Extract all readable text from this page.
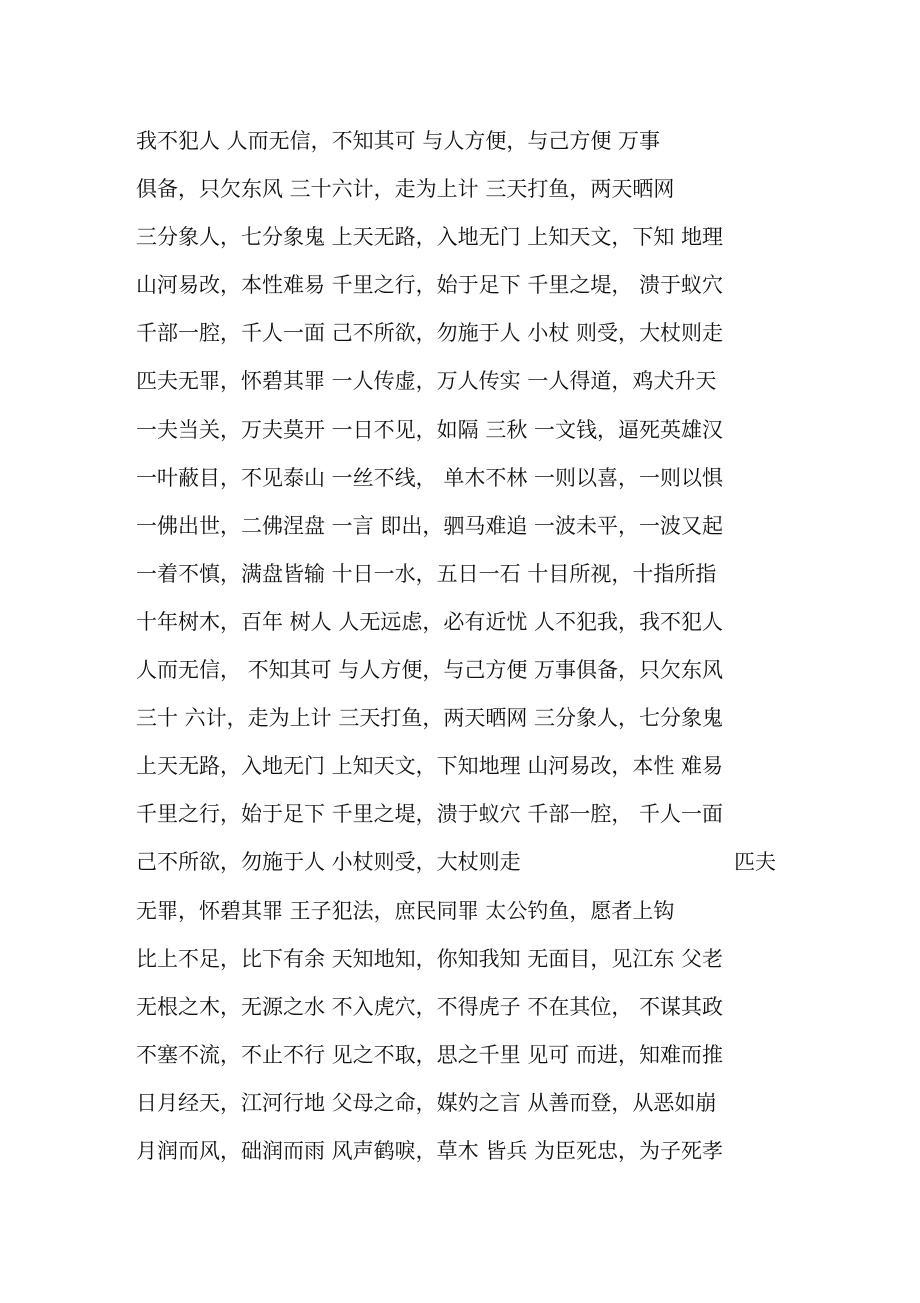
我不犯人 人而无信，不知其可 与人方便，与己方便 万事
俱备，只欠东风 三十六计，走为上计 三天打鱼，两天晒网
三分象人，七分象鬼 上天无路，入地无门 上知天文，下知 地理
山河易改，本性难易 千里之行，始于足下 千里之堤， 溃于蚁穴
千部一腔，千人一面 己不所欲，勿施于人 小杖 则受，大杖则走
匹夫无罪，怀碧其罪 一人传虚，万人传实 一人得道，鸡犬升天
一夫当关，万夫莫开 一日不见，如隔 三秋 一文钱，逼死英雄汉
一叶蔽目，不见泰山 一丝不线， 单木不林 一则以喜，一则以惧
一佛出世，二佛涅盘 一言 即出，驷马难追 一波未平，一波又起
一着不慎，满盘皆输 十日一水，五日一石 十目所视，十指所指
十年树木，百年 树人 人无远虑，必有近忧 人不犯我，我不犯人
人而无信， 不知其可 与人方便，与己方便 万事俱备，只欠东风
三十 六计，走为上计 三天打鱼，两天晒网 三分象人，七分象鬼
上天无路，入地无门 上知天文，下知地理 山河易改，本性 难易
千里之行，始于足下 千里之堤，溃于蚁穴 千部一腔， 千人一面
己不所欲，勿施于人 小杖则受，大杖则走	匹夫
无罪，怀碧其罪 王子犯法，庶民同罪 太公钓鱼，愿者上钩
比上不足，比下有余 天知地知，你知我知 无面目，见江东 父老
无根之木，无源之水 不入虎穴，不得虎子 不在其位， 不谋其政
不塞不流，不止不行 见之不取，思之千里 见可 而进，知难而推
日月经天，江河行地 父母之命，媒妁之言 从善而登，从恶如崩
月润而风，础润而雨 风声鹤唳，草木 皆兵 为臣死忠，为子死孝
